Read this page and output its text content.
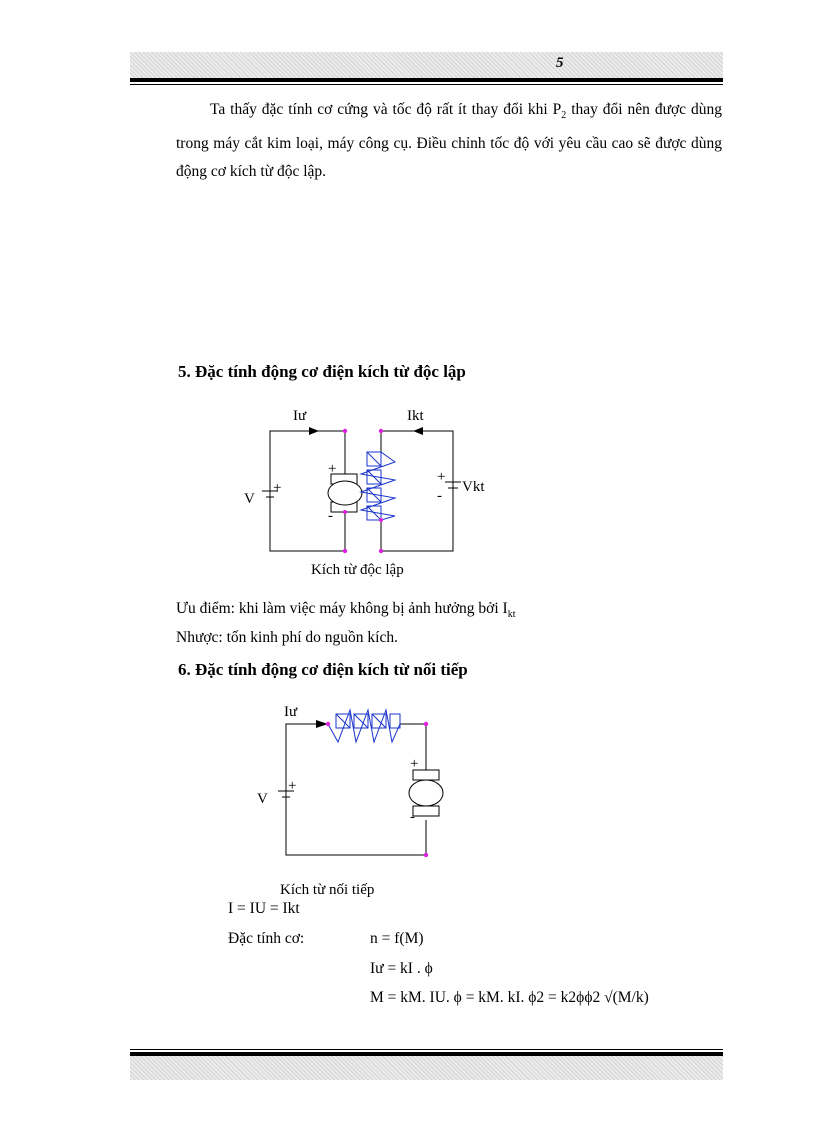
5

Ta thấy đặc tính cơ cứng và tốc độ rất ít thay đổi khi $P_2$ thay đổi nên được dùng trong máy cắt kim loại, máy công cụ. Điều chỉnh tốc độ với yêu cầu cao sẽ được dùng động cơ kích từ độc lập.

5. Đặc tính động cơ điện kích từ độc lập

Iư	Ikt
V
Vkt
+
+
-
+
-
Kích từ độc lập

Ưu điểm: khi làm việc máy không bị ảnh hưởng bởi $I_{kt}$

Nhược: tốn kinh phí do nguồn kích.

6. Đặc tính động cơ điện kích từ nối tiếp

Iư
V
+
+
-
Kích từ nối tiếp

I = IU = Ikt

Đặc tính cơ:	n = f(M)

Iư = kI . ϕ

M = kM. IU. ϕ = kM. kI. ϕ2 = k2ϕϕ2 √(M/k)
